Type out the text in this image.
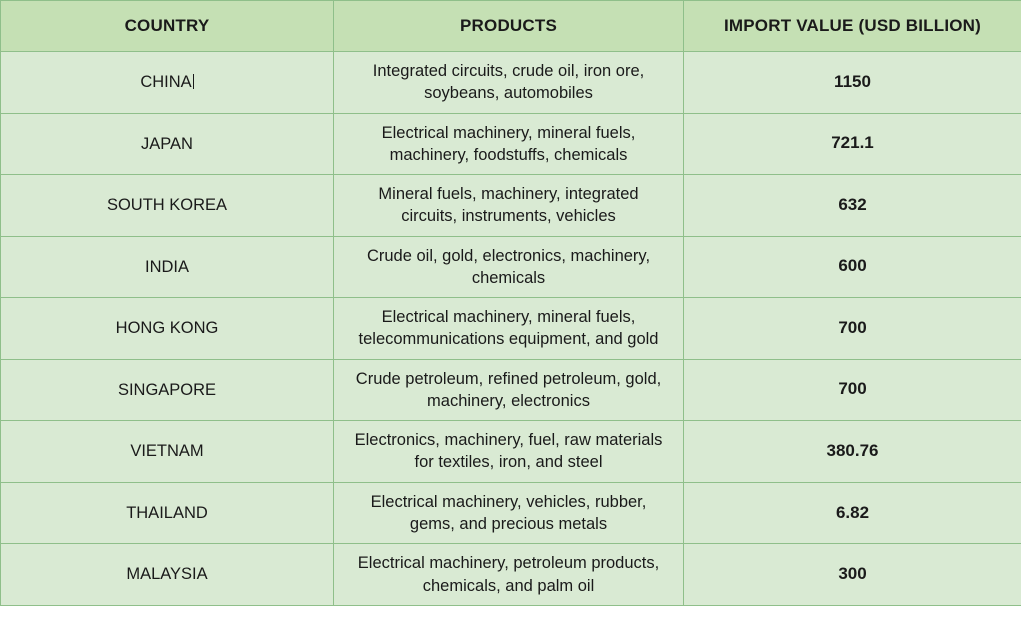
COUNTRY	PRODUCTS	IMPORT VALUE (USD BILLION)
CHINA	Integrated circuits, crude oil, iron ore, soybeans, automobiles	1150
JAPAN	Electrical machinery, mineral fuels, machinery, foodstuffs, chemicals	721.1
SOUTH KOREA	Mineral fuels, machinery, integrated circuits, instruments, vehicles	632
INDIA	Crude oil, gold, electronics, machinery, chemicals	600
HONG KONG	Electrical machinery, mineral fuels, telecommunications equipment, and gold	700
SINGAPORE	Crude petroleum, refined petroleum, gold, machinery, electronics	700
VIETNAM	Electronics, machinery, fuel, raw materials for textiles, iron, and steel	380.76
THAILAND	Electrical machinery, vehicles, rubber, gems, and precious metals	6.82
MALAYSIA	Electrical machinery, petroleum products, chemicals, and palm oil	300
